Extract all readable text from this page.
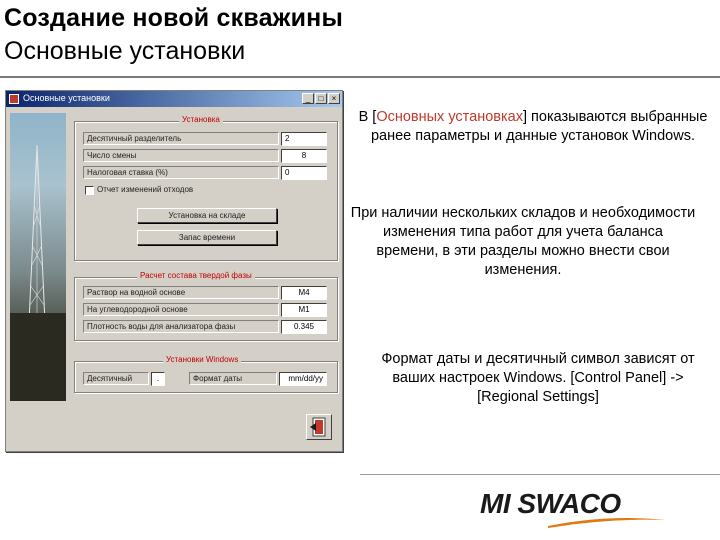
Создание новой скважины
Основные установки
Основные установки	_	□	×
Установка
Десятичный разделитель	2
Число смены	8
Налоговая ставка (%)	0
Отчет изменений отходов
Установка на складе
Запас времени
Расчет состава твердой фазы
Раствор на водной основе	М4
На углеводородной основе	М1
Плотность воды для анализатора фазы	0.345
Установки Windows
Десятичный	.	Формат даты	mm/dd/yy
В [Основных установках] показываются выбранные ранее параметры и данные установок Windows.
При наличии нескольких складов и необходимости изменения типа работ для учета баланса времени, в эти разделы можно внести свои изменения.
Формат даты и десятичный символ зависят от ваших настроек Windows. [Control Panel] -> [Regional Settings]
MI SWACO
